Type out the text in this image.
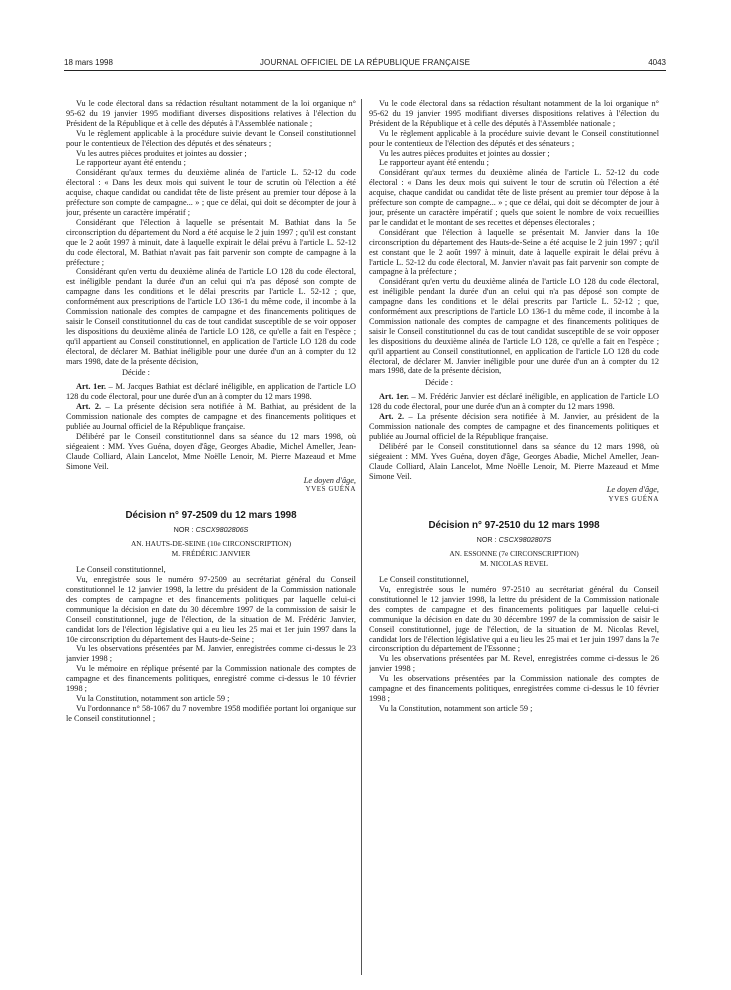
18 mars 1998	JOURNAL OFFICIEL DE LA RÉPUBLIQUE FRANÇAISE	4043

Vu le code électoral dans sa rédaction résultant notamment de la loi organique n° 95-62 du 19 janvier 1995 modifiant diverses dispositions relatives à l'élection du Président de la République et à celle des députés à l'Assemblée nationale ;

Vu le règlement applicable à la procédure suivie devant le Conseil constitutionnel pour le contentieux de l'élection des députés et des sénateurs ;

Vu les autres pièces produites et jointes au dossier ;

Le rapporteur ayant été entendu ;

Considérant qu'aux termes du deuxième alinéa de l'article L. 52-12 du code électoral : « Dans les deux mois qui suivent le tour de scrutin où l'élection a été acquise, chaque candidat ou candidat tête de liste présent au premier tour dépose à la préfecture son compte de campagne... » ; que ce délai, qui doit se décompter de jour à jour, présente un caractère impératif ;

Considérant que l'élection à laquelle se présentait M. Bathiat dans la 5e circonscription du département du Nord a été acquise le 2 juin 1997 ; qu'il est constant que le 2 août 1997 à minuit, date à laquelle expirait le délai prévu à l'article L. 52-12 du code électoral, M. Bathiat n'avait pas fait parvenir son compte de campagne à la préfecture ;

Considérant qu'en vertu du deuxième alinéa de l'article LO 128 du code électoral, est inéligible pendant la durée d'un an celui qui n'a pas déposé son compte de campagne dans les conditions et le délai prescrits par l'article L. 52-12 ; que, conformément aux prescriptions de l'article LO 136-1 du même code, il incombe à la Commission nationale des comptes de campagne et des financements politiques de saisir le Conseil constitutionnel du cas de tout candidat susceptible de se voir opposer les dispositions du deuxième alinéa de l'article LO 128, ce qu'elle a fait en l'espèce ; qu'il appartient au Conseil constitutionnel, en application de l'article LO 128 du code électoral, de déclarer M. Bathiat inéligible pour une durée d'un an à compter du 12 mars 1998, date de la présente décision,

Décide :

Art. 1er. – M. Jacques Bathiat est déclaré inéligible, en application de l'article LO 128 du code électoral, pour une durée d'un an à compter du 12 mars 1998.

Art. 2. – La présente décision sera notifiée à M. Bathiat, au président de la Commission nationale des comptes de campagne et des financements politiques et publiée au Journal officiel de la République française.

Délibéré par le Conseil constitutionnel dans sa séance du 12 mars 1998, où siégeaient : MM. Yves Guéna, doyen d'âge, Georges Abadie, Michel Ameller, Jean-Claude Colliard, Alain Lancelot, Mme Noëlle Lenoir, M. Pierre Mazeaud et Mme Simone Veil.

Le doyen d'âge,

YVES GUÉNA

Décision n° 97-2509 du 12 mars 1998

NOR : CSCX9802806S

AN. HAUTS-DE-SEINE (10e CIRCONSCRIPTION)

M. FRÉDÉRIC JANVIER

Le Conseil constitutionnel,

Vu, enregistrée sous le numéro 97-2509 au secrétariat général du Conseil constitutionnel le 12 janvier 1998, la lettre du président de la Commission nationale des comptes de campagne et des financements politiques par laquelle celui-ci communique la décision en date du 30 décembre 1997 de la commission de saisir le Conseil constitutionnel, juge de l'élection, de la situation de M. Frédéric Janvier, candidat lors de l'élection législative qui a eu lieu les 25 mai et 1er juin 1997 dans la 10e circonscription du département des Hauts-de-Seine ;

Vu les observations présentées par M. Janvier, enregistrées comme ci-dessus le 23 janvier 1998 ;

Vu le mémoire en réplique présenté par la Commission nationale des comptes de campagne et des financements politiques, enregistré comme ci-dessus le 10 février 1998 ;

Vu la Constitution, notamment son article 59 ;

Vu l'ordonnance n° 58-1067 du 7 novembre 1958 modifiée portant loi organique sur le Conseil constitutionnel ;

Vu le code électoral dans sa rédaction résultant notamment de la loi organique n° 95-62 du 19 janvier 1995 modifiant diverses dispositions relatives à l'élection du Président de la République et à celle des députés à l'Assemblée nationale ;

Vu le règlement applicable à la procédure suivie devant le Conseil constitutionnel pour le contentieux de l'élection des députés et des sénateurs ;

Vu les autres pièces produites et jointes au dossier ;

Le rapporteur ayant été entendu ;

Considérant qu'aux termes du deuxième alinéa de l'article L. 52-12 du code électoral : « Dans les deux mois qui suivent le tour de scrutin où l'élection a été acquise, chaque candidat ou candidat tête de liste présent au premier tour dépose à la préfecture son compte de campagne... » ; que ce délai, qui doit se décompter de jour à jour, présente un caractère impératif ; quels que soient le nombre de voix recueillies par le candidat et le montant de ses recettes et dépenses électorales ;

Considérant que l'élection à laquelle se présentait M. Janvier dans la 10e circonscription du département des Hauts-de-Seine a été acquise le 2 juin 1997 ; qu'il est constant que le 2 août 1997 à minuit, date à laquelle expirait le délai prévu à l'article L. 52-12 du code électoral, M. Janvier n'avait pas fait parvenir son compte de campagne à la préfecture ;

Considérant qu'en vertu du deuxième alinéa de l'article LO 128 du code électoral, est inéligible pendant la durée d'un an celui qui n'a pas déposé son compte de campagne dans les conditions et le délai prescrits par l'article L. 52-12 ; que, conformément aux prescriptions de l'article LO 136-1 du même code, il incombe à la Commission nationale des comptes de campagne et des financements politiques de saisir le Conseil constitutionnel du cas de tout candidat susceptible de se voir opposer les dispositions du deuxième alinéa de l'article LO 128, ce qu'elle a fait en l'espèce ; qu'il appartient au Conseil constitutionnel, en application de l'article LO 128 du code électoral, de déclarer M. Janvier inéligible pour une durée d'un an à compter du 12 mars 1998, date de la présente décision,

Décide :

Art. 1er. – M. Frédéric Janvier est déclaré inéligible, en application de l'article LO 128 du code électoral, pour une durée d'un an à compter du 12 mars 1998.

Art. 2. – La présente décision sera notifiée à M. Janvier, au président de la Commission nationale des comptes de campagne et des financements politiques et publiée au Journal officiel de la République française.

Délibéré par le Conseil constitutionnel dans sa séance du 12 mars 1998, où siégeaient : MM. Yves Guéna, doyen d'âge, Georges Abadie, Michel Ameller, Jean-Claude Colliard, Alain Lancelot, Mme Noëlle Lenoir, M. Pierre Mazeaud et Mme Simone Veil.

Le doyen d'âge,

YVES GUÉNA

Décision n° 97-2510 du 12 mars 1998

NOR : CSCX9802807S

AN. ESSONNE (7e CIRCONSCRIPTION)

M. NICOLAS REVEL

Le Conseil constitutionnel,

Vu, enregistrée sous le numéro 97-2510 au secrétariat général du Conseil constitutionnel le 12 janvier 1998, la lettre du président de la Commission nationale des comptes de campagne et des financements politiques par laquelle celui-ci communique la décision en date du 30 décembre 1997 de la commission de saisir le Conseil constitutionnel, juge de l'élection, de la situation de M. Nicolas Revel, candidat lors de l'élection législative qui a eu lieu les 25 mai et 1er juin 1997 dans la 7e circonscription du département de l'Essonne ;

Vu les observations présentées par M. Revel, enregistrées comme ci-dessus le 26 janvier 1998 ;

Vu les observations présentées par la Commission nationale des comptes de campagne et des financements politiques, enregistrées comme ci-dessus le 10 février 1998 ;

Vu la Constitution, notamment son article 59 ;
